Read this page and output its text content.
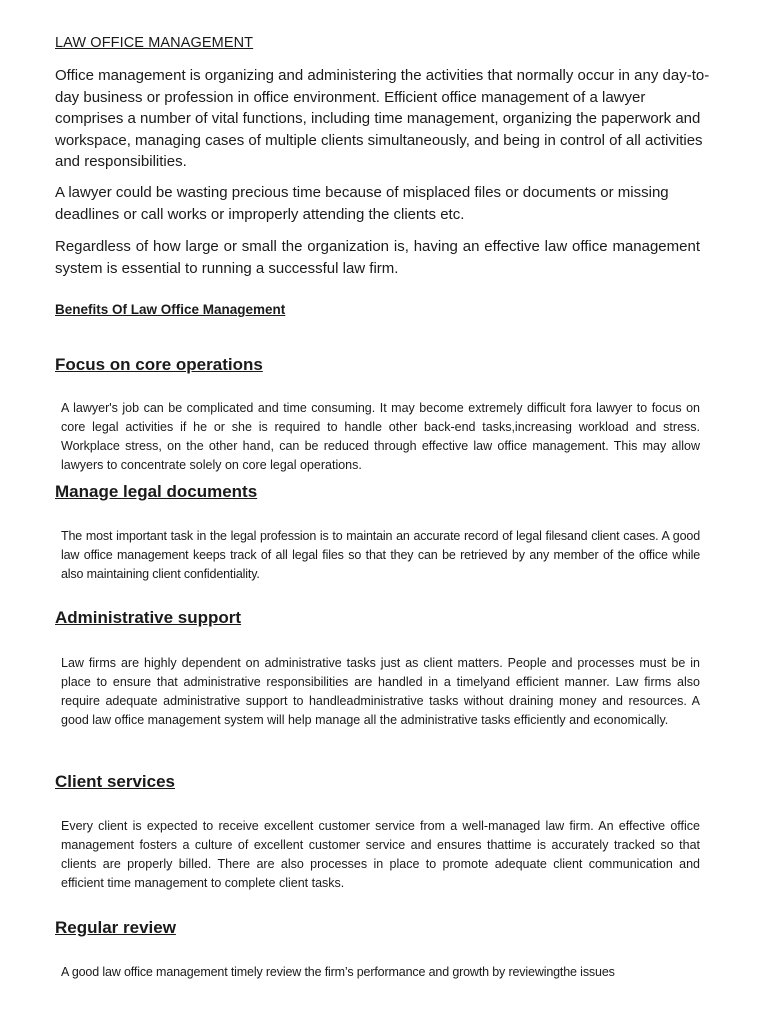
LAW OFFICE MANAGEMENT

Office management is organizing and administering the activities that normally occur in any day-to-day business or profession in office environment. Efficient office management of a lawyer comprises a number of vital functions, including time management, organizing the paperwork and workspace, managing cases of multiple clients simultaneously, and being in control of all activities and responsibilities.

A lawyer could be wasting precious time because of misplaced files or documents or missing deadlines or call works or improperly attending the clients etc.

Regardless of how large or small the organization is, having an effective law office management system is essential to running a successful law firm.

Benefits Of Law Office Management

Focus on core operations

A lawyer's job can be complicated and time consuming. It may become extremely difficult fora lawyer to focus on core legal activities if he or she is required to handle other back-end tasks,increasing workload and stress. Workplace stress, on the other hand, can be reduced through effective law office management. This may allow lawyers to concentrate solely on core legal operations.

Manage legal documents

The most important task in the legal profession is to maintain an accurate record of legal filesand client cases. A good law office management keeps track of all legal files so that they can be retrieved by any member of the office while also maintaining client confidentiality.

Administrative support

Law firms are highly dependent on administrative tasks just as client matters. People and processes must be in place to ensure that administrative responsibilities are handled in a timelyand efficient manner. Law firms also require adequate administrative support to handleadministrative tasks without draining money and resources. A good law office management system will help manage all the administrative tasks efficiently and economically.

Client services

Every client is expected to receive excellent customer service from a well-managed law firm. An effective office management fosters a culture of excellent customer service and ensures thattime is accurately tracked so that clients are properly billed. There are also processes in place to promote adequate client communication and efficient time management to complete client tasks.

Regular review

A good law office management timely review the firm’s performance and growth by reviewingthe issues
